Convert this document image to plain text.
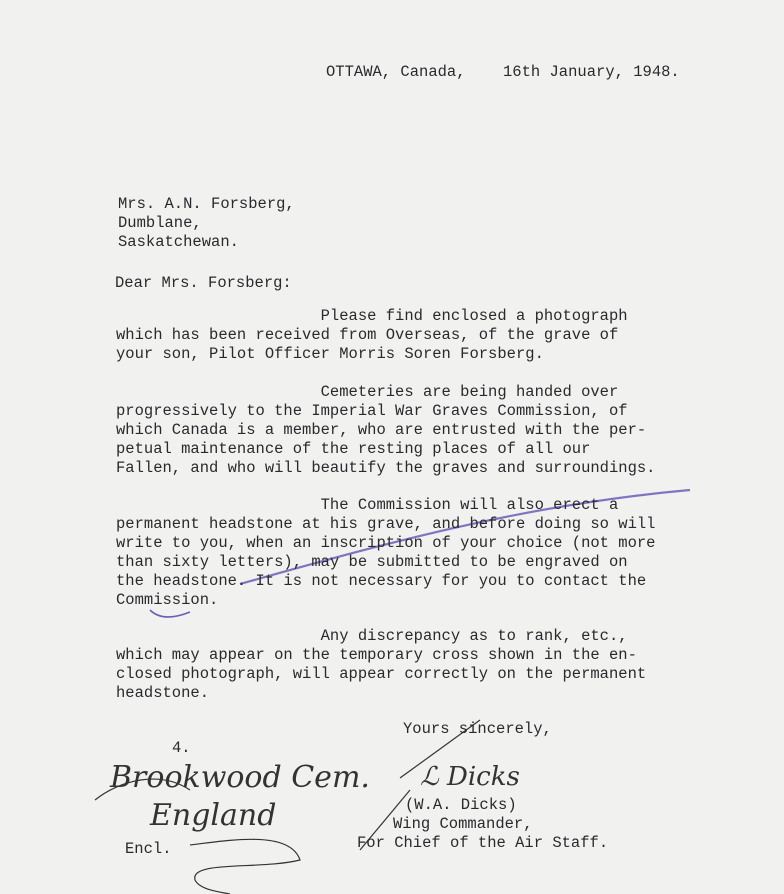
OTTAWA, Canada, 16th January, 1948.
Mrs. A.N. Forsberg,
Dumblane,
Saskatchewan.
Dear Mrs. Forsberg:
Please find enclosed a photograph
which has been received from Overseas, of the grave of
your son, Pilot Officer Morris Soren Forsberg.
Cemeteries are being handed over
progressively to the Imperial War Graves Commission, of
which Canada is a member, who are entrusted with the per-
petual maintenance of the resting places of all our
Fallen, and who will beautify the graves and surroundings.
The Commission will also erect a
permanent headstone at his grave, and before doing so will
write to you, when an inscription of your choice (not more
than sixty letters), may be submitted to be engraved on
the headstone. It is not necessary for you to contact the
Commission.
Any discrepancy as to rank, etc.,
which may appear on the temporary cross shown in the en-
closed photograph, will appear correctly on the permanent
headstone.
Yours sincerely,
4.
Brookwood Cem.
England
ℒ Dicks
(W.A. Dicks)
Wing Commander,
For Chief of the Air Staff.
Encl.
